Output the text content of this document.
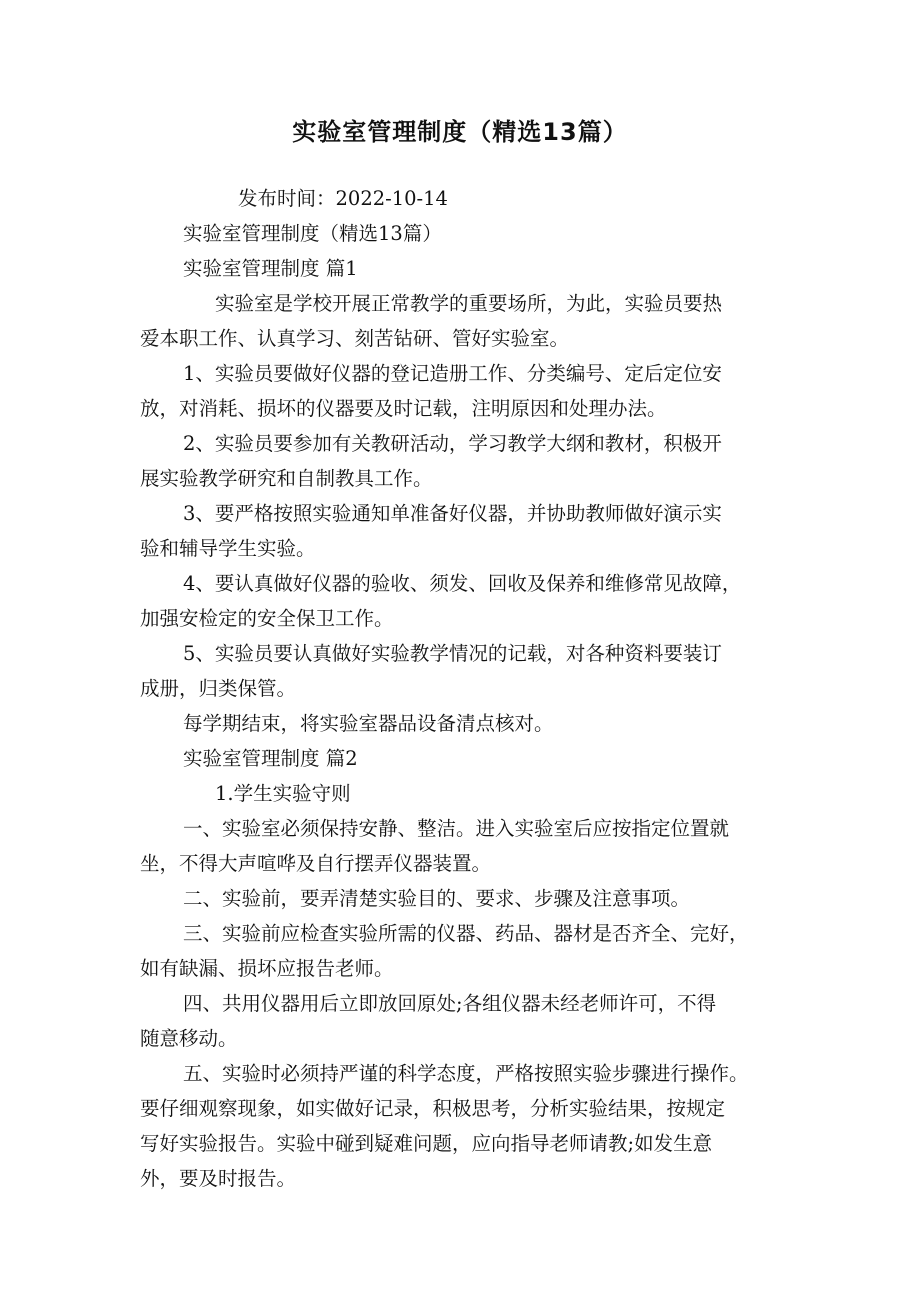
实验室管理制度（精选13篇）
发布时间：2022-10-14
实验室管理制度（精选13篇）
实验室管理制度 篇1
实验室是学校开展正常教学的重要场所，为此，实验员要热
爱本职工作、认真学习、刻苦钻研、管好实验室。
1、实验员要做好仪器的登记造册工作、分类编号、定后定位安
放，对消耗、损坏的仪器要及时记载，注明原因和处理办法。
2、实验员要参加有关教研活动，学习教学大纲和教材，积极开
展实验教学研究和自制教具工作。
3、要严格按照实验通知单准备好仪器，并协助教师做好演示实
验和辅导学生实验。
4、要认真做好仪器的验收、须发、回收及保养和维修常见故障，
加强安检定的安全保卫工作。
5、实验员要认真做好实验教学情况的记载，对各种资料要装订
成册，归类保管。
每学期结束，将实验室器品设备清点核对。
实验室管理制度 篇2
1.学生实验守则
一、实验室必须保持安静、整洁。进入实验室后应按指定位置就
坐，不得大声喧哗及自行摆弄仪器装置。
二、实验前，要弄清楚实验目的、要求、步骤及注意事项。
三、实验前应检查实验所需的仪器、药品、器材是否齐全、完好，
如有缺漏、损坏应报告老师。
四、共用仪器用后立即放回原处;各组仪器未经老师许可，不得
随意移动。
五、实验时必须持严谨的科学态度，严格按照实验步骤进行操作。
要仔细观察现象，如实做好记录，积极思考，分析实验结果，按规定
写好实验报告。实验中碰到疑难问题，应向指导老师请教;如发生意
外，要及时报告。
